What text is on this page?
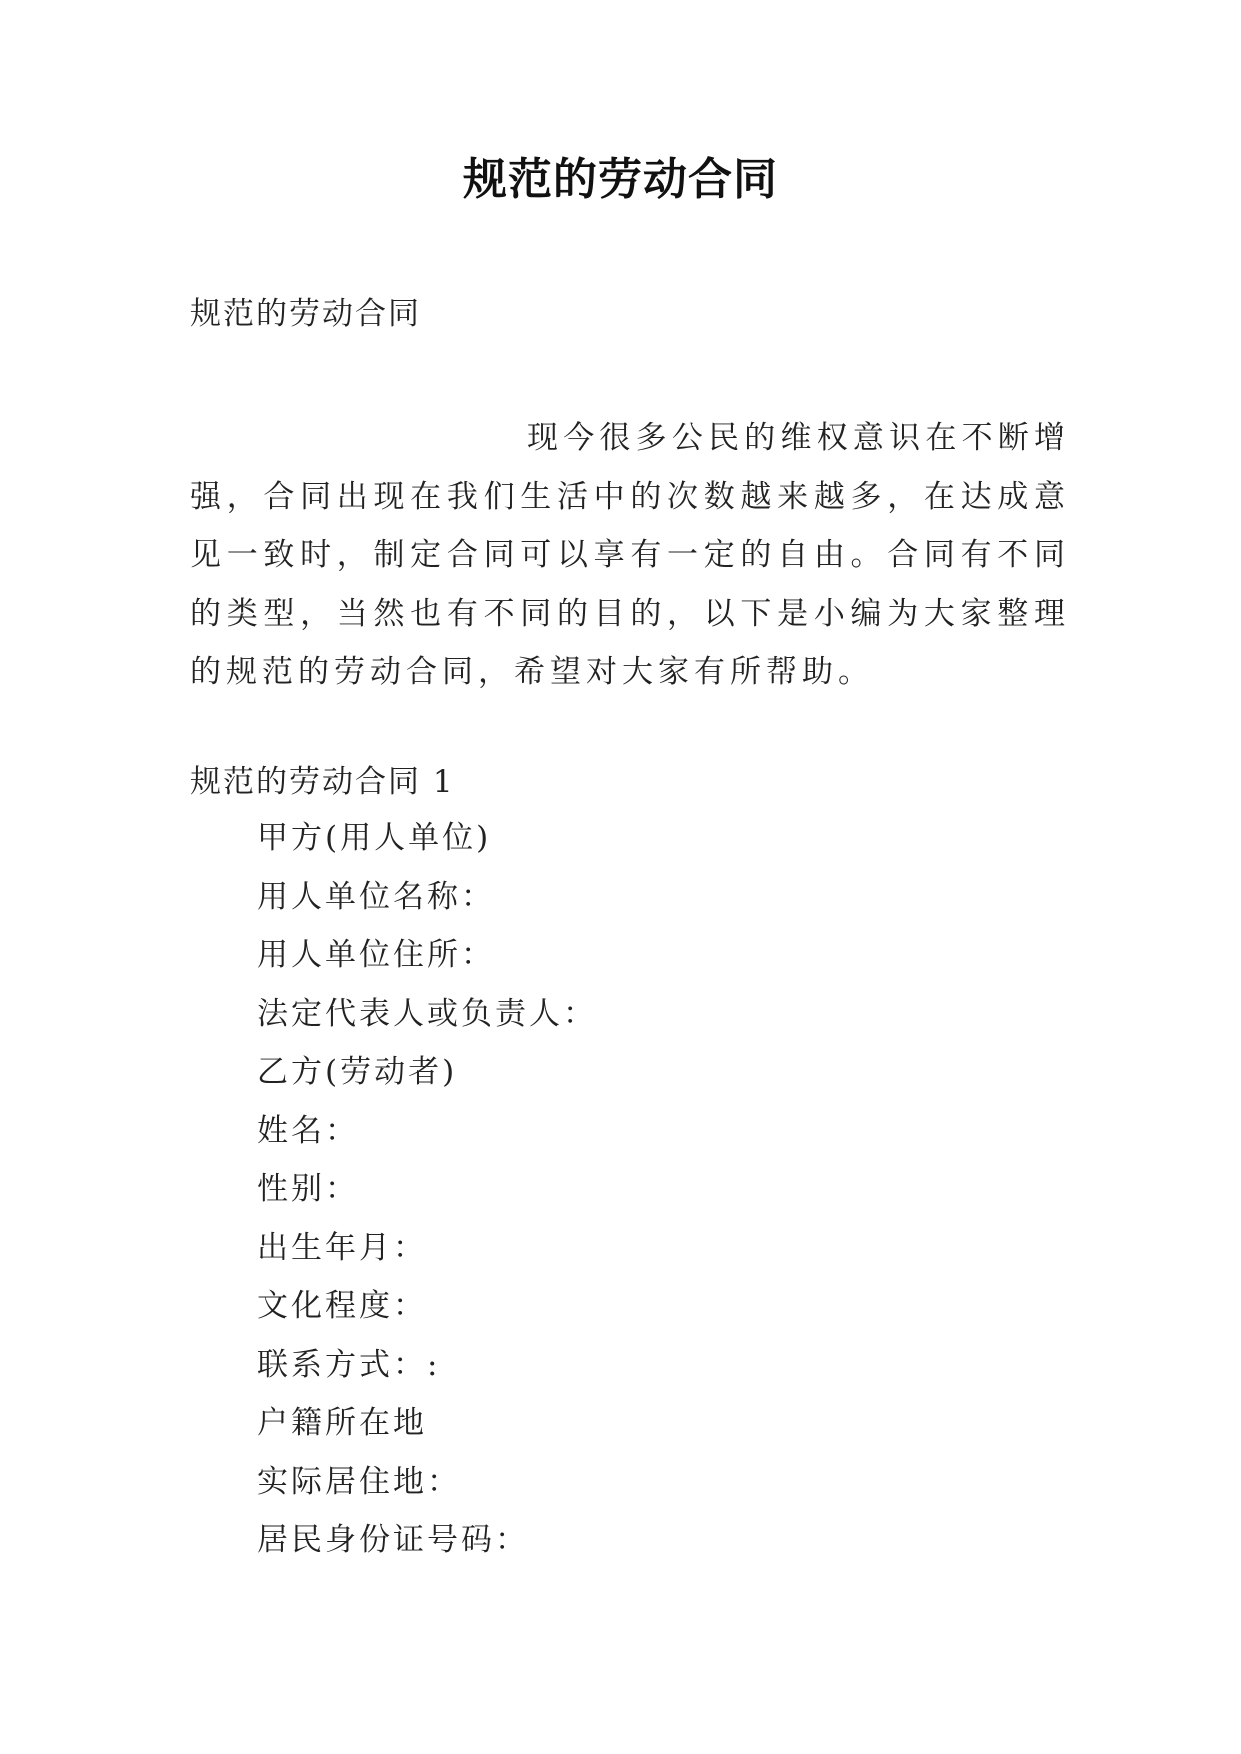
规范的劳动合同
规范的劳动合同
现今很多公民的维权意识在不断增强，合同出现在我们生活中的次数越来越多，在达成意见一致时，制定合同可以享有一定的自由。合同有不同的类型，当然也有不同的目的，以下是小编为大家整理的规范的劳动合同，希望对大家有所帮助。
规范的劳动合同 1
甲方(用人单位)
用人单位名称：
用人单位住所：
法定代表人或负责人：
乙方(劳动者)
姓名：
性别：
出生年月：
文化程度：
联系方式：:
户籍所在地
实际居住地：
居民身份证号码：
